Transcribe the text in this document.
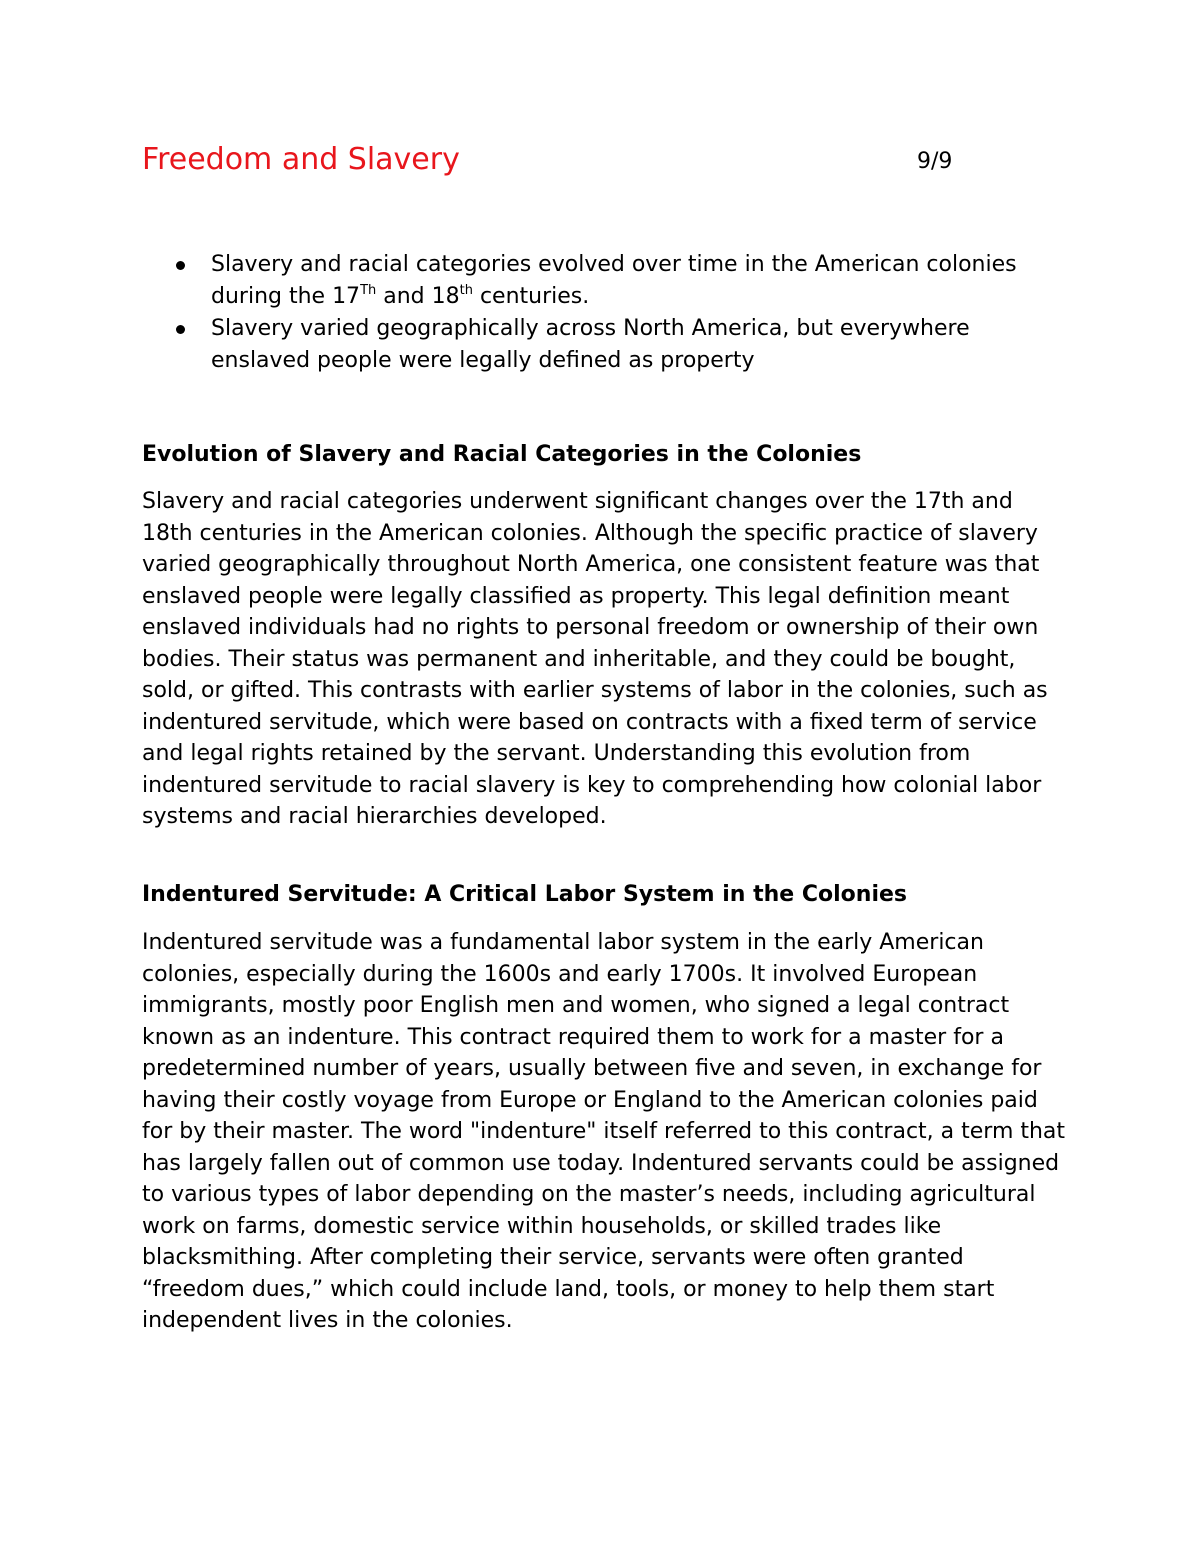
Freedom and Slavery	9/9
Slavery and racial categories evolved over time in the American colonies during the 17Th and 18th centuries.
Slavery varied geographically across North America, but everywhere enslaved people were legally defined as property
Evolution of Slavery and Racial Categories in the Colonies

Slavery and racial categories underwent significant changes over the 17th and 18th centuries in the American colonies. Although the specific practice of slavery varied geographically throughout North America, one consistent feature was that enslaved people were legally classified as property. This legal definition meant enslaved individuals had no rights to personal freedom or ownership of their own bodies. Their status was permanent and inheritable, and they could be bought, sold, or gifted. This contrasts with earlier systems of labor in the colonies, such as indentured servitude, which were based on contracts with a fixed term of service and legal rights retained by the servant. Understanding this evolution from indentured servitude to racial slavery is key to comprehending how colonial labor systems and racial hierarchies developed.

Indentured Servitude: A Critical Labor System in the Colonies

Indentured servitude was a fundamental labor system in the early American colonies, especially during the 1600s and early 1700s. It involved European immigrants, mostly poor English men and women, who signed a legal contract known as an indenture. This contract required them to work for a master for a predetermined number of years, usually between five and seven, in exchange for having their costly voyage from Europe or England to the American colonies paid for by their master. The word "indenture" itself referred to this contract, a term that has largely fallen out of common use today. Indentured servants could be assigned to various types of labor depending on the master’s needs, including agricultural work on farms, domestic service within households, or skilled trades like blacksmithing. After completing their service, servants were often granted “freedom dues,” which could include land, tools, or money to help them start independent lives in the colonies.
